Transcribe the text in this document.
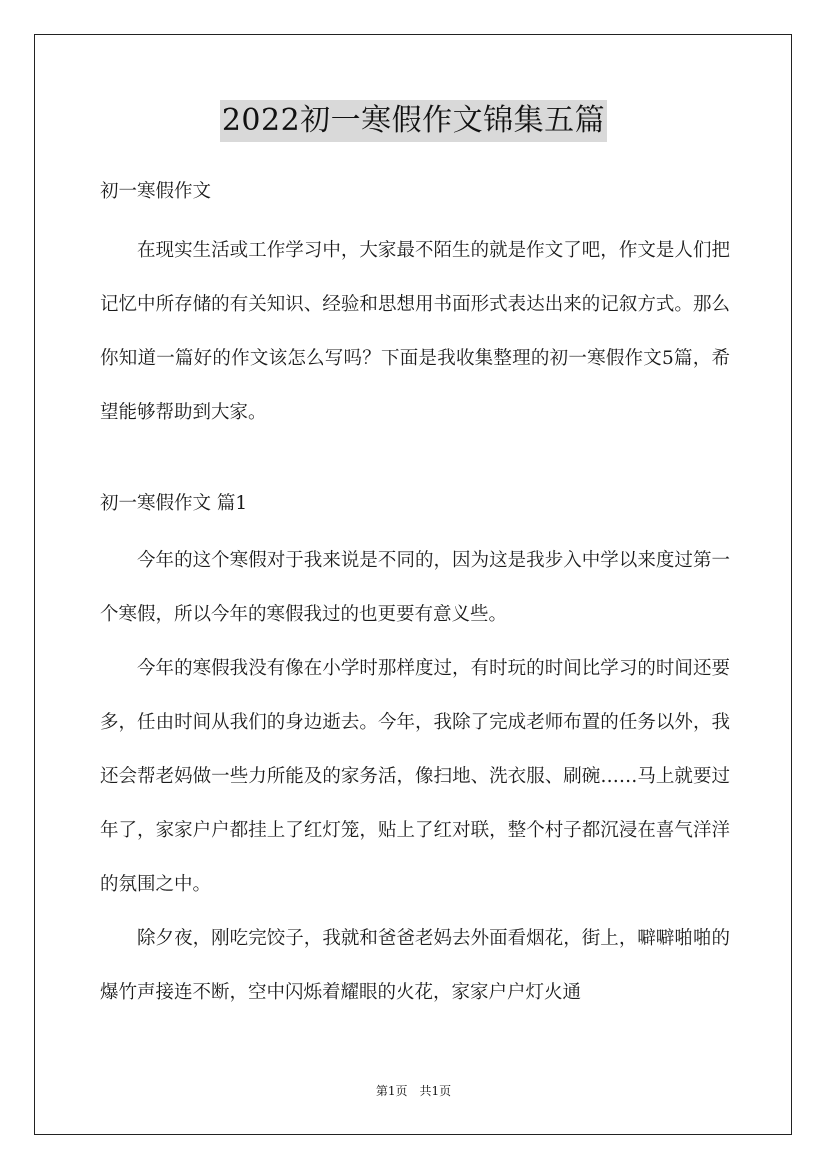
2022初一寒假作文锦集五篇

初一寒假作文

在现实生活或工作学习中，大家最不陌生的就是作文了吧，作文是人们把记忆中所存储的有关知识、经验和思想用书面形式表达出来的记叙方式。那么你知道一篇好的作文该怎么写吗？下面是我收集整理的初一寒假作文5篇，希望能够帮助到大家。

初一寒假作文 篇1

今年的这个寒假对于我来说是不同的，因为这是我步入中学以来度过第一个寒假，所以今年的寒假我过的也更要有意义些。

今年的寒假我没有像在小学时那样度过，有时玩的时间比学习的时间还要多，任由时间从我们的身边逝去。今年，我除了完成老师布置的任务以外，我还会帮老妈做一些力所能及的家务活，像扫地、洗衣服、刷碗……马上就要过年了，家家户户都挂上了红灯笼，贴上了红对联，整个村子都沉浸在喜气洋洋的氛围之中。

除夕夜，刚吃完饺子，我就和爸爸老妈去外面看烟花，街上，噼噼啪啪的爆竹声接连不断，空中闪烁着耀眼的火花，家家户户灯火通

第1页 共1页
